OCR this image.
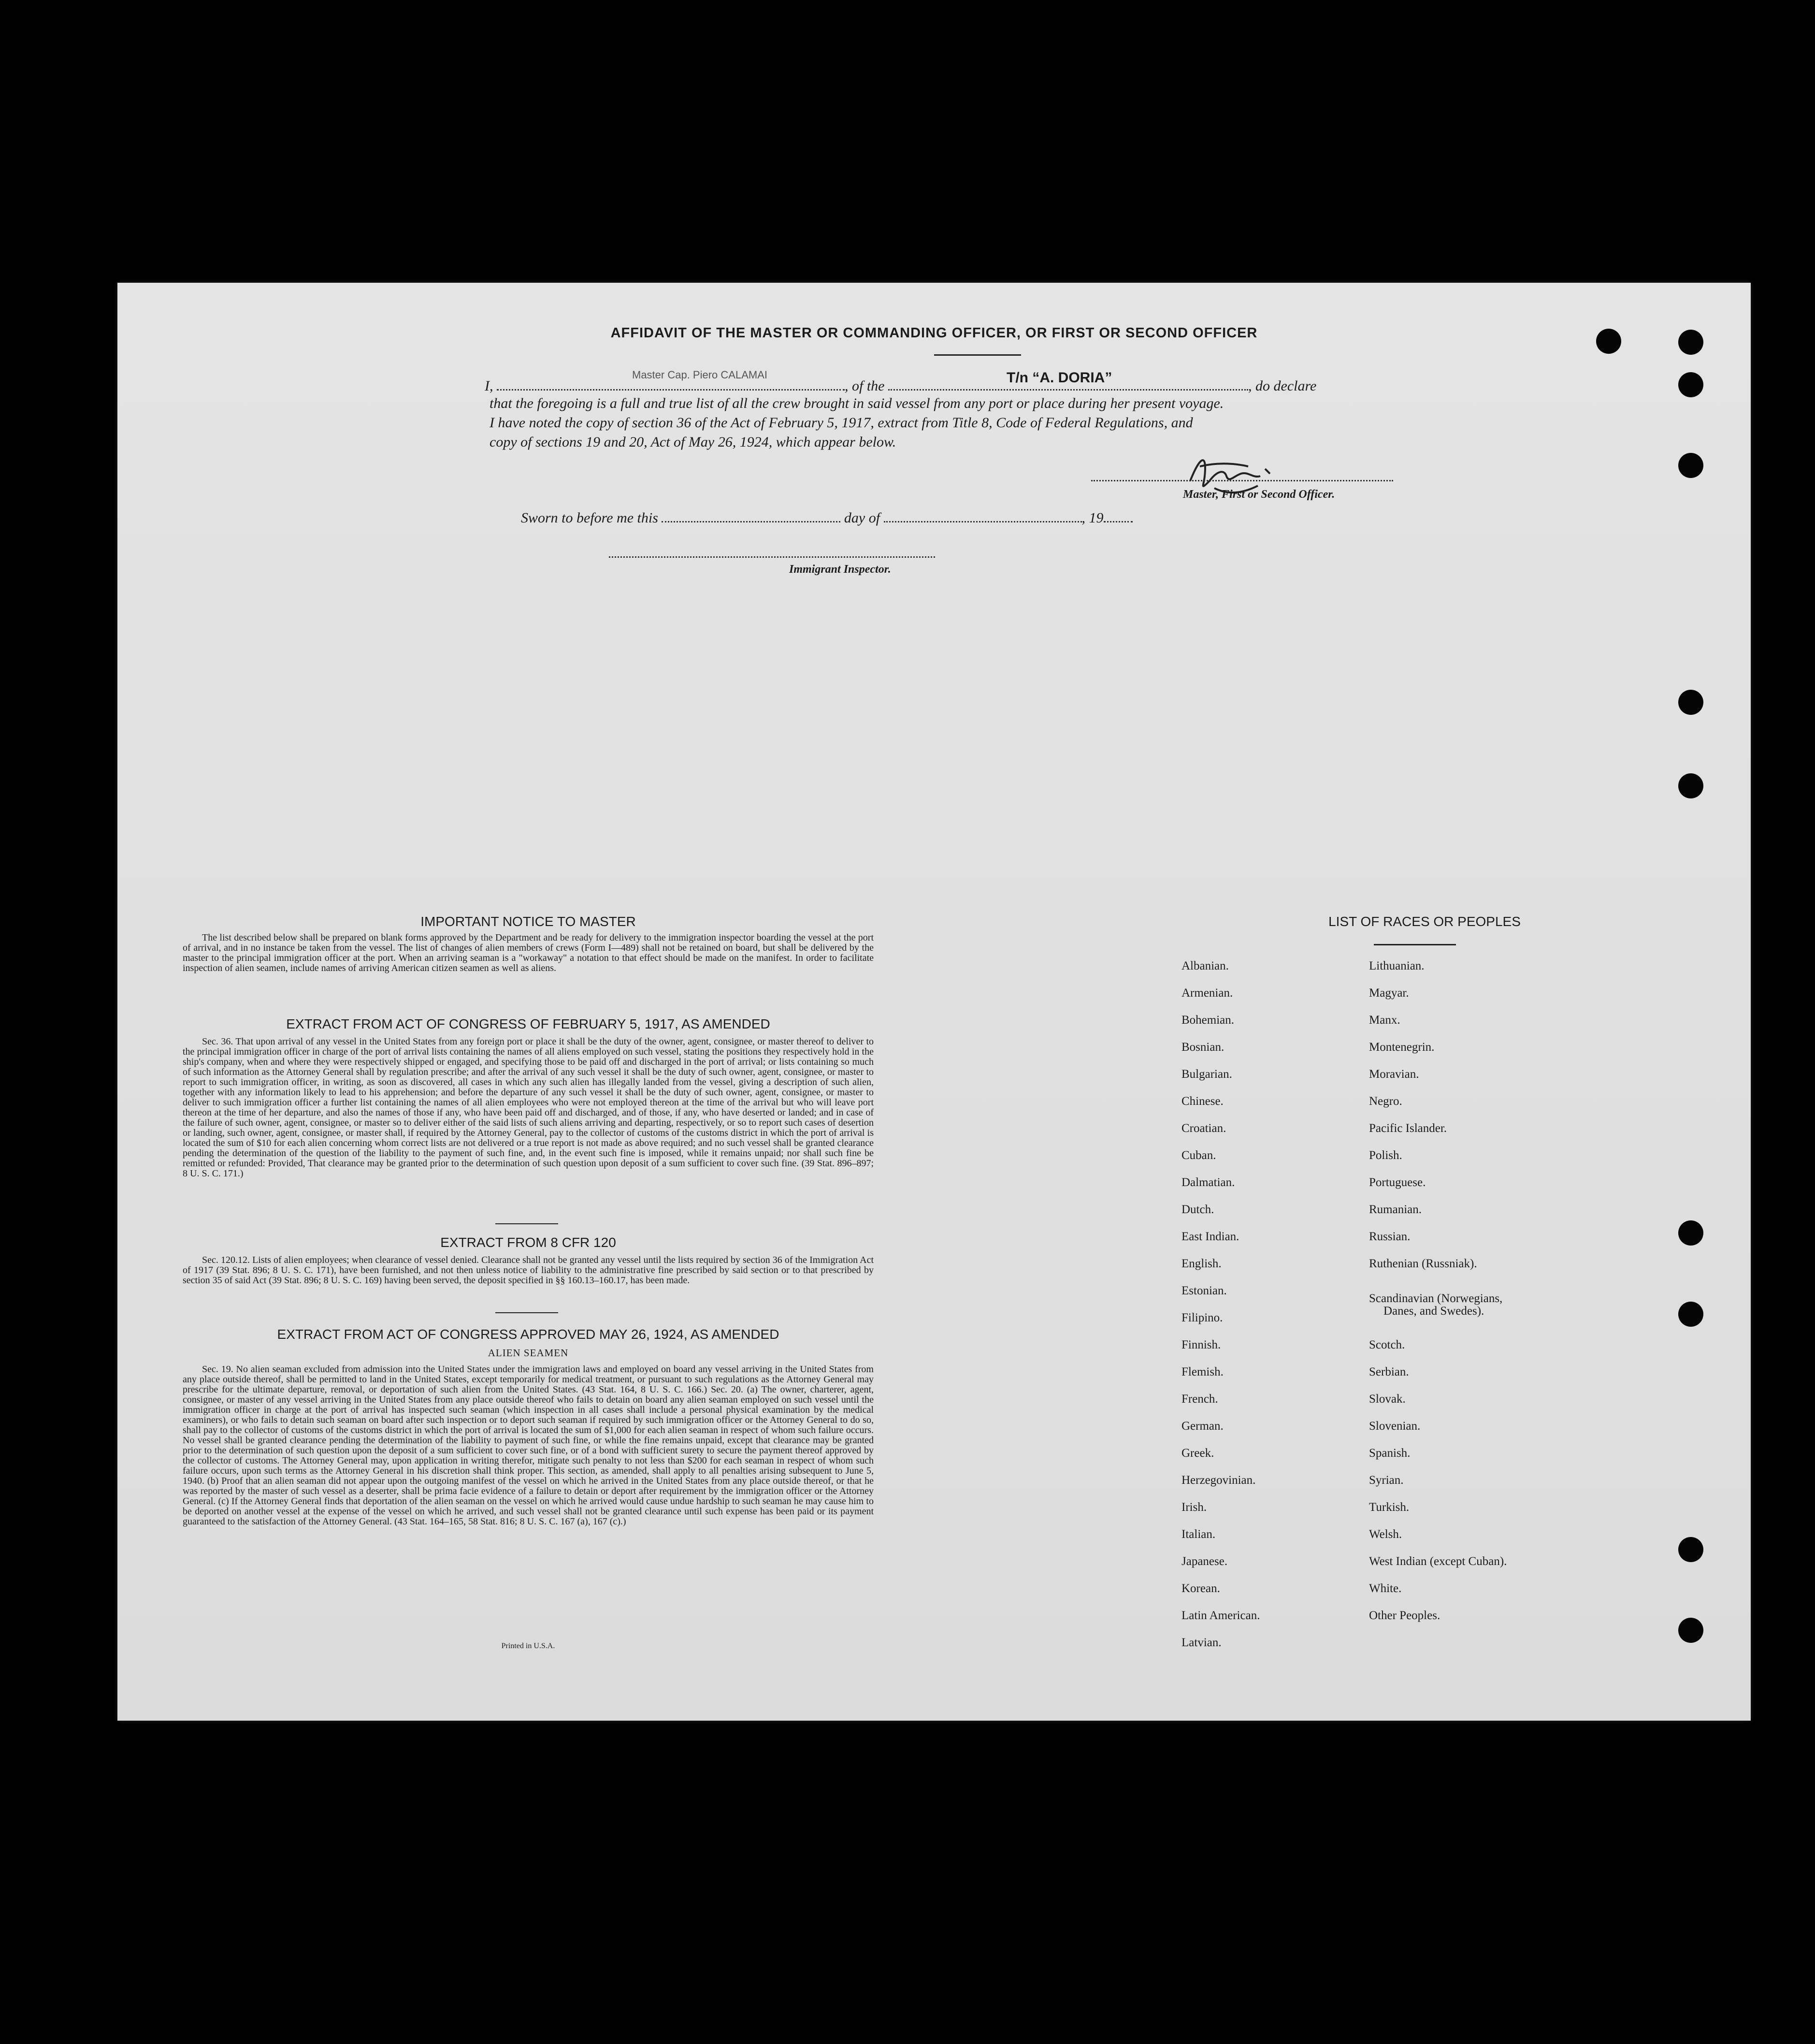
AFFIDAVIT OF THE MASTER OR COMMANDING OFFICER, OR FIRST OR SECOND OFFICER
I,
Master Cap. Piero CALAMAI
, of the
T/n “A. DORIA”
, do declare
that the foregoing is a full and true list of all the crew brought in said vessel from any port or place during her present voyage.
I have noted the copy of section 36 of the Act of February 5, 1917, extract from Title 8, Code of Federal Regulations, and
copy of sections 19 and 20, Act of May 26, 1924, which appear below.
Master, First or Second Officer.
Sworn to before me this	day of	, 19
Immigrant Inspector.
IMPORTANT NOTICE TO MASTER
The list described below shall be prepared on blank forms approved by the Department and be ready for delivery to the immigration inspector boarding the vessel at the port of arrival, and in no instance be taken from the vessel. The list of changes of alien members of crews (Form I—489) shall not be retained on board, but shall be delivered by the master to the principal immigration officer at the port. When an arriving seaman is a "workaway" a notation to that effect should be made on the manifest. In order to facilitate inspection of alien seamen, include names of arriving American citizen seamen as well as aliens.
EXTRACT FROM ACT OF CONGRESS OF FEBRUARY 5, 1917, AS AMENDED
Sec. 36. That upon arrival of any vessel in the United States from any foreign port or place it shall be the duty of the owner, agent, consignee, or master thereof to deliver to the principal immigration officer in charge of the port of arrival lists containing the names of all aliens employed on such vessel, stating the positions they respectively hold in the ship's company, when and where they were respectively shipped or engaged, and specifying those to be paid off and discharged in the port of arrival; or lists containing so much of such information as the Attorney General shall by regulation prescribe; and after the arrival of any such vessel it shall be the duty of such owner, agent, consignee, or master to report to such immigration officer, in writing, as soon as discovered, all cases in which any such alien has illegally landed from the vessel, giving a description of such alien, together with any information likely to lead to his apprehension; and before the departure of any such vessel it shall be the duty of such owner, agent, consignee, or master to deliver to such immigration officer a further list containing the names of all alien employees who were not employed thereon at the time of the arrival but who will leave port thereon at the time of her departure, and also the names of those if any, who have been paid off and discharged, and of those, if any, who have deserted or landed; and in case of the failure of such owner, agent, consignee, or master so to deliver either of the said lists of such aliens arriving and departing, respectively, or so to report such cases of desertion or landing, such owner, agent, consignee, or master shall, if required by the Attorney General, pay to the collector of customs of the customs district in which the port of arrival is located the sum of $10 for each alien concerning whom correct lists are not delivered or a true report is not made as above required; and no such vessel shall be granted clearance pending the determination of the question of the liability to the payment of such fine, and, in the event such fine is imposed, while it remains unpaid; nor shall such fine be remitted or refunded: Provided, That clearance may be granted prior to the determination of such question upon deposit of a sum sufficient to cover such fine. (39 Stat. 896–897; 8 U. S. C. 171.)
EXTRACT FROM 8 CFR 120
Sec. 120.12. Lists of alien employees; when clearance of vessel denied. Clearance shall not be granted any vessel until the lists required by section 36 of the Immigration Act of 1917 (39 Stat. 896; 8 U. S. C. 171), have been furnished, and not then unless notice of liability to the administrative fine prescribed by said section or to that prescribed by section 35 of said Act (39 Stat. 896; 8 U. S. C. 169) having been served, the deposit specified in §§ 160.13–160.17, has been made.
EXTRACT FROM ACT OF CONGRESS APPROVED MAY 26, 1924, AS AMENDED
ALIEN SEAMEN
Sec. 19. No alien seaman excluded from admission into the United States under the immigration laws and employed on board any vessel arriving in the United States from any place outside thereof, shall be permitted to land in the United States, except temporarily for medical treatment, or pursuant to such regulations as the Attorney General may prescribe for the ultimate departure, removal, or deportation of such alien from the United States. (43 Stat. 164, 8 U. S. C. 166.) Sec. 20. (a) The owner, charterer, agent, consignee, or master of any vessel arriving in the United States from any place outside thereof who fails to detain on board any alien seaman employed on such vessel until the immigration officer in charge at the port of arrival has inspected such seaman (which inspection in all cases shall include a personal physical examination by the medical examiners), or who fails to detain such seaman on board after such inspection or to deport such seaman if required by such immigration officer or the Attorney General to do so, shall pay to the collector of customs of the customs district in which the port of arrival is located the sum of $1,000 for each alien seaman in respect of whom such failure occurs. No vessel shall be granted clearance pending the determination of the liability to payment of such fine, or while the fine remains unpaid, except that clearance may be granted prior to the determination of such question upon the deposit of a sum sufficient to cover such fine, or of a bond with sufficient surety to secure the payment thereof approved by the collector of customs. The Attorney General may, upon application in writing therefor, mitigate such penalty to not less than $200 for each seaman in respect of whom such failure occurs, upon such terms as the Attorney General in his discretion shall think proper. This section, as amended, shall apply to all penalties arising subsequent to June 5, 1940. (b) Proof that an alien seaman did not appear upon the outgoing manifest of the vessel on which he arrived in the United States from any place outside thereof, or that he was reported by the master of such vessel as a deserter, shall be prima facie evidence of a failure to detain or deport after requirement by the immigration officer or the Attorney General. (c) If the Attorney General finds that deportation of the alien seaman on the vessel on which he arrived would cause undue hardship to such seaman he may cause him to be deported on another vessel at the expense of the vessel on which he arrived, and such vessel shall not be granted clearance until such expense has been paid or its payment guaranteed to the satisfaction of the Attorney General. (43 Stat. 164–165, 58 Stat. 816; 8 U. S. C. 167 (a), 167 (c).)
Printed in U.S.A.
LIST OF RACES OR PEOPLES
Albanian.
Armenian.
Bohemian.
Bosnian.
Bulgarian.
Chinese.
Croatian.
Cuban.
Dalmatian.
Dutch.
East Indian.
English.
Estonian.
Filipino.
Finnish.
Flemish.
French.
German.
Greek.
Herzegovinian.
Irish.
Italian.
Japanese.
Korean.
Latin American.
Latvian.
Lithuanian.
Magyar.
Manx.
Montenegrin.
Moravian.
Negro.
Pacific Islander.
Polish.
Portuguese.
Rumanian.
Russian.
Ruthenian (Russniak).
Scandinavian (Norwegians,
Danes, and Swedes).
Scotch.
Serbian.
Slovak.
Slovenian.
Spanish.
Syrian.
Turkish.
Welsh.
West Indian (except Cuban).
White.
Other Peoples.
